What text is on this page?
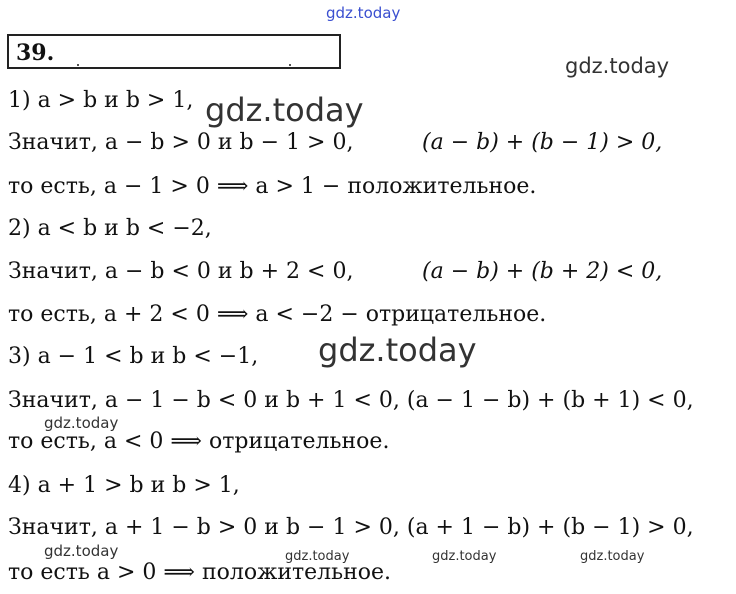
gdz.today
39.	gdz.today
1) a > b и b > 1, gdz.today
Значит, a − b > 0 и b − 1 > 0,	(a − b) + (b − 1) > 0,
то есть, a − 1 > 0 ⟹ a > 1 − положительное.
2) a < b и b < −2,
Значит, a − b < 0 и b + 2 < 0,	(a − b) + (b + 2) < 0,
то есть, a + 2 < 0 ⟹ a < −2 − отрицательное.
3) a − 1 < b и b < −1, gdz.today
Значит, a − 1 − b < 0 и b + 1 < 0, (a − 1 − b) + (b + 1) < 0,
gdz.today
то есть, a < 0 ⟹ отрицательное.
4) a + 1 > b и b > 1,
Значит, a + 1 − b > 0 и b − 1 > 0, (a + 1 − b) + (b − 1) > 0,
gdz.today	gdz.today	gdz.today	gdz.today
то есть a > 0 ⟹ положительное.
